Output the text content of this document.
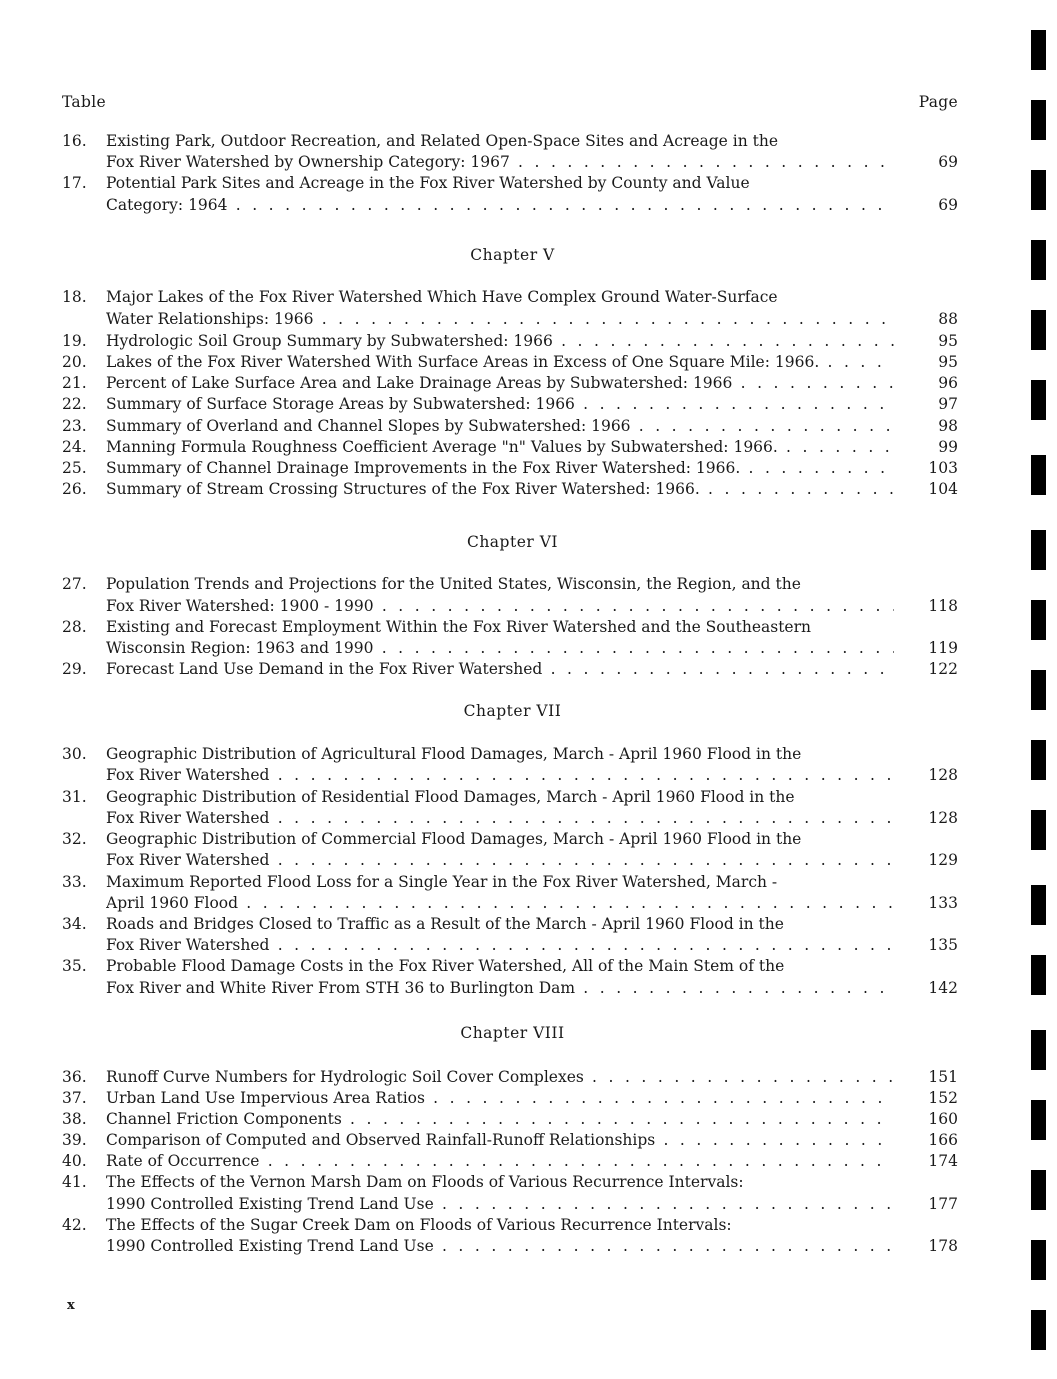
Table	Page
16.	Existing Park, Outdoor Recreation, and Related Open-Space Sites and Acreage in the
Fox River Watershed by Ownership Category: 1967 . . .	69
17.	Potential Park Sites and Acreage in the Fox River Watershed by County and Value
Category: 1964 . . .	69
Chapter V
18.	Major Lakes of the Fox River Watershed Which Have Complex Ground Water-Surface
Water Relationships: 1966 . . .	88
19.	Hydrologic Soil Group Summary by Subwatershed: 1966 . . .	95
20.	Lakes of the Fox River Watershed With Surface Areas in Excess of One Square Mile: 1966. . . .	95
21.	Percent of Lake Surface Area and Lake Drainage Areas by Subwatershed: 1966 . . .	96
22.	Summary of Surface Storage Areas by Subwatershed: 1966 . . .	97
23.	Summary of Overland and Channel Slopes by Subwatershed: 1966 . . .	98
24.	Manning Formula Roughness Coefficient Average "n" Values by Subwatershed: 1966. . . .	99
25.	Summary of Channel Drainage Improvements in the Fox River Watershed: 1966. . . .	103
26.	Summary of Stream Crossing Structures of the Fox River Watershed: 1966. . . .	104
Chapter VI
27.	Population Trends and Projections for the United States, Wisconsin, the Region, and the
Fox River Watershed: 1900 - 1990 . . .	118
28.	Existing and Forecast Employment Within the Fox River Watershed and the Southeastern
Wisconsin Region: 1963 and 1990 . . .	119
29.	Forecast Land Use Demand in the Fox River Watershed . . .	122
Chapter VII
30.	Geographic Distribution of Agricultural Flood Damages, March - April 1960 Flood in the
Fox River Watershed . . .	128
31.	Geographic Distribution of Residential Flood Damages, March - April 1960 Flood in the
Fox River Watershed . . .	128
32.	Geographic Distribution of Commercial Flood Damages, March - April 1960 Flood in the
Fox River Watershed . . .	129
33.	Maximum Reported Flood Loss for a Single Year in the Fox River Watershed, March -
April 1960 Flood . . .	133
34.	Roads and Bridges Closed to Traffic as a Result of the March - April 1960 Flood in the
Fox River Watershed . . .	135
35.	Probable Flood Damage Costs in the Fox River Watershed, All of the Main Stem of the
Fox River and White River From STH 36 to Burlington Dam . . .	142
Chapter VIII
36.	Runoff Curve Numbers for Hydrologic Soil Cover Complexes . . .	151
37.	Urban Land Use Impervious Area Ratios . . .	152
38.	Channel Friction Components . . .	160
39.	Comparison of Computed and Observed Rainfall-Runoff Relationships . . .	166
40.	Rate of Occurrence . . .	174
41.	The Effects of the Vernon Marsh Dam on Floods of Various Recurrence Intervals:
1990 Controlled Existing Trend Land Use . . .	177
42.	The Effects of the Sugar Creek Dam on Floods of Various Recurrence Intervals:
1990 Controlled Existing Trend Land Use . . .	178
x
